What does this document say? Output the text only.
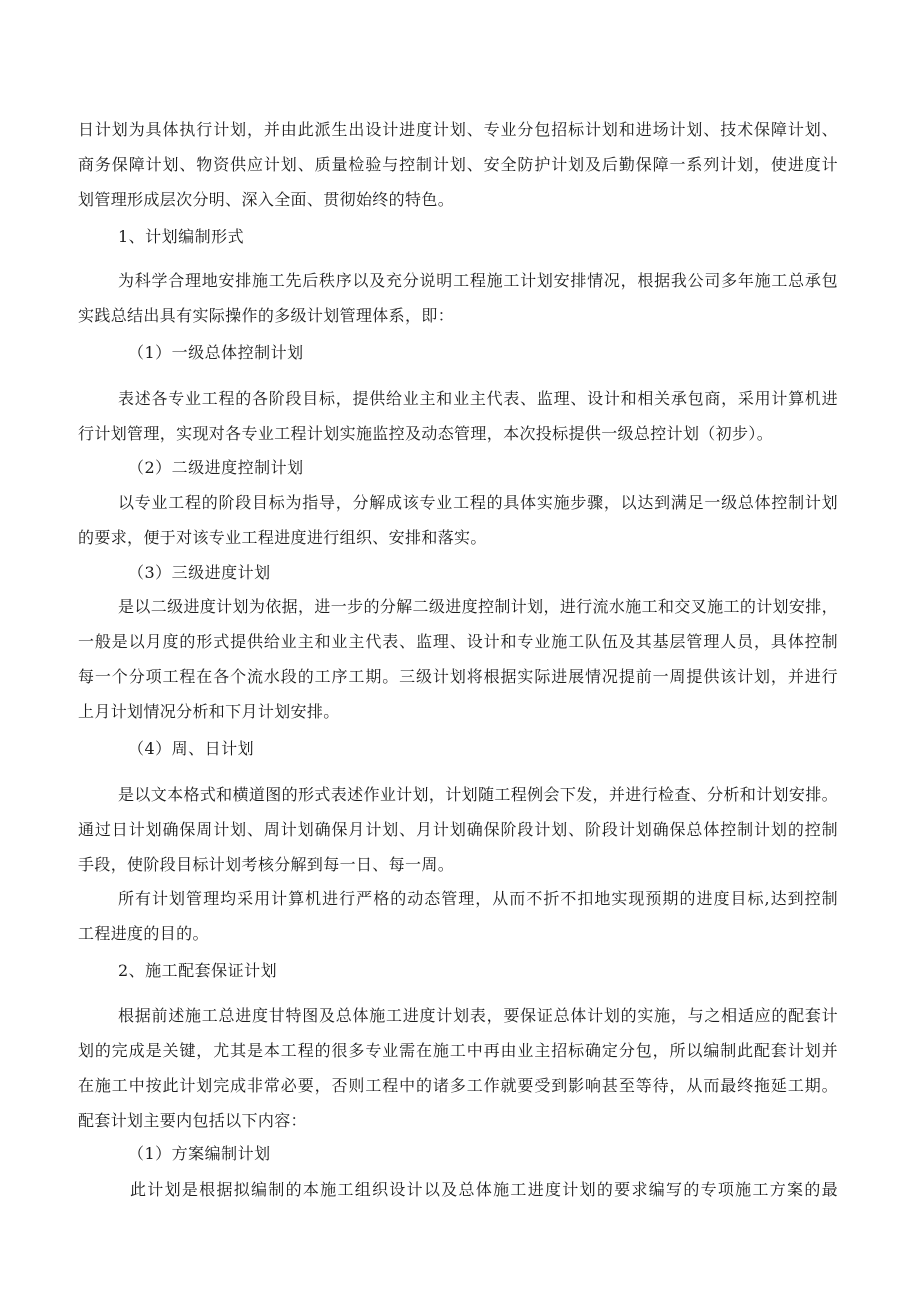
日计划为具体执行计划，并由此派生出设计进度计划、专业分包招标计划和进场计划、技术保障计划、
商务保障计划、物资供应计划、质量检验与控制计划、安全防护计划及后勤保障一系列计划，使进度计
划管理形成层次分明、深入全面、贯彻始终的特色。
1、计划编制形式
为科学合理地安排施工先后秩序以及充分说明工程施工计划安排情况，根据我公司多年施工总承包
实践总结出具有实际操作的多级计划管理体系，即：
（1）一级总体控制计划
表述各专业工程的各阶段目标，提供给业主和业主代表、监理、设计和相关承包商，采用计算机进
行计划管理，实现对各专业工程计划实施监控及动态管理，本次投标提供一级总控计划（初步）。
（2）二级进度控制计划
以专业工程的阶段目标为指导，分解成该专业工程的具体实施步骤，以达到满足一级总体控制计划
的要求，便于对该专业工程进度进行组织、安排和落实。
（3）三级进度计划
是以二级进度计划为依据，进一步的分解二级进度控制计划，进行流水施工和交叉施工的计划安排，
一般是以月度的形式提供给业主和业主代表、监理、设计和专业施工队伍及其基层管理人员，具体控制
每一个分项工程在各个流水段的工序工期。三级计划将根据实际进展情况提前一周提供该计划，并进行
上月计划情况分析和下月计划安排。
（4）周、日计划
是以文本格式和横道图的形式表述作业计划，计划随工程例会下发，并进行检查、分析和计划安排。
通过日计划确保周计划、周计划确保月计划、月计划确保阶段计划、阶段计划确保总体控制计划的控制
手段，使阶段目标计划考核分解到每一日、每一周。
所有计划管理均采用计算机进行严格的动态管理，从而不折不扣地实现预期的进度目标,达到控制
工程进度的目的。
2、施工配套保证计划
根据前述施工总进度甘特图及总体施工进度计划表，要保证总体计划的实施，与之相适应的配套计
划的完成是关键，尤其是本工程的很多专业需在施工中再由业主招标确定分包，所以编制此配套计划并
在施工中按此计划完成非常必要，否则工程中的诸多工作就要受到影响甚至等待，从而最终拖延工期。
配套计划主要内包括以下内容：
（1）方案编制计划
此计划是根据拟编制的本施工组织设计以及总体施工进度计划的要求编写的专项施工方案的最
